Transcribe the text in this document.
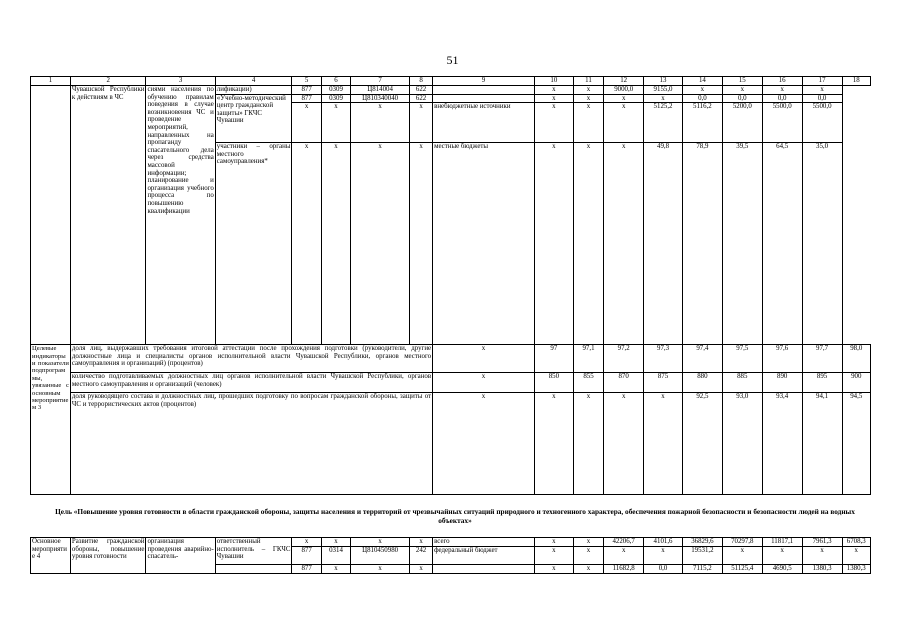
51
1	2	3	4	5	6	7	8	9	10	11	12	13	14	15	16	17	18
	Чувашской Республики к действиям в ЧС	сиями населения по обучению правилам поведения в случае возникновения ЧС и проведение мероприятий, направленных на пропаганду спасательного дела через средства массовой информации; планирование и организация учебного процесса по повышению квалификации	лификации)	877	0309	Ц814004	622		x	x	9000,0	9155,0	x	x	x	x	
			«Учебно-методический центр гражданской защиты» ГКЧС Чувашии	877	0309	Ц810340040	622		x	x	x	x	0,0	0,0	0,0	0,0	
				x	x	x	x	внебюджетные источники	x	x	x	5125,2	5116,2	5200,0	5500,0	5500,0	
			участники – органы местного самоуправления*	x	x	x	x	местные бюджеты	x	x	x	49,8	78,9	39,5	64,5	35,0	
Целевые индикаторы и показатели подпрограммы, увязанные с основным мероприятием 3	доля лиц, выдержавших требования итоговой аттестации после прохождения подготовки (руководители, другие должностные лица и специалисты органов исполнительной власти Чувашской Республики, органов местного самоуправления и организаций) (процентов)							x	97	97,1	97,2	97,3	97,4	97,5	97,6	97,7	98,0
	количество подготавливаемых должностных лиц органов исполнительной власти Чувашской Республики, органов местного самоуправления и организаций (человек)							x	850	855	870	875	880	885	890	895	900
	доля руководящего состава и должностных лиц, прошедших подготовку по вопросам гражданской обороны, защиты от ЧС и террористических актов (процентов)							x	x	x	x	x	92,5	93,0	93,4	94,1	94,5
Цель «Повышение уровня готовности в области гражданской обороны, защиты населения и территорий от чрезвычайных ситуаций природного и техногенного характера, обеспечения пожарной безопасности и безопасности людей на водных объектах»
Основное мероприятие 4	Развитие гражданской обороны, повышение уровня готовности	организация проведения аварийно-спасатель-	ответственный исполнитель – ГКЧС Чувашии	x	x	x	x	всего	x	x	42206,7	4101,6	36829,6	70297,8	11817,1	7961,3	6708,3
				877	0314	Ц810450980	242	федеральный бюджет	x	x	x	x	19531,2	x	x	x	x
				877	x	x	x		x	x	11682,8	0,0	7115,2	51125,4	4690,5	1380,3	1380,3
